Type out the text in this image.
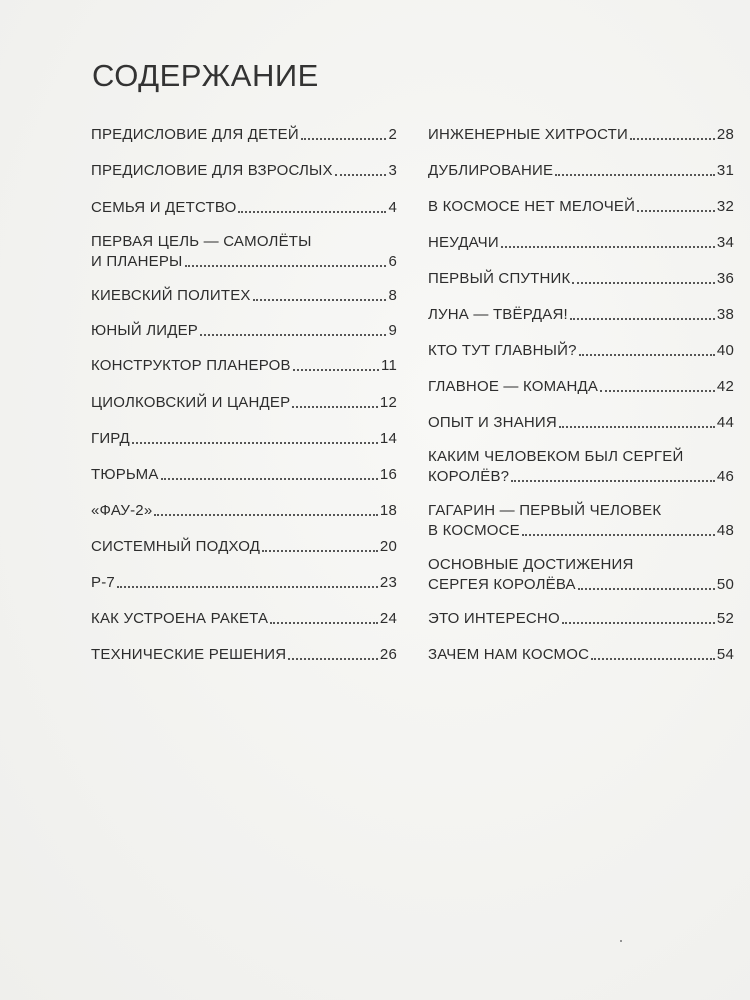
СОДЕРЖАНИЕ
ПРЕДИСЛОВИЕ ДЛЯ ДЕТЕЙ	2
ПРЕДИСЛОВИЕ ДЛЯ ВЗРОСЛЫХ	3
СЕМЬЯ И ДЕТСТВО	4
ПЕРВАЯ ЦЕЛЬ — САМОЛЁТЫ
И ПЛАНЕРЫ	6
КИЕВСКИЙ ПОЛИТЕХ	8
ЮНЫЙ ЛИДЕР	9
КОНСТРУКТОР ПЛАНЕРОВ	11
ЦИОЛКОВСКИЙ И ЦАНДЕР	12
ГИРД	14
ТЮРЬМА	16
«ФАУ-2»	18
СИСТЕМНЫЙ ПОДХОД	20
Р-7	23
КАК УСТРОЕНА РАКЕТА	24
ТЕХНИЧЕСКИЕ РЕШЕНИЯ	26
ИНЖЕНЕРНЫЕ ХИТРОСТИ	28
ДУБЛИРОВАНИЕ	31
В КОСМОСЕ НЕТ МЕЛОЧЕЙ	32
НЕУДАЧИ	34
ПЕРВЫЙ СПУТНИК	36
ЛУНА — ТВЁРДАЯ!	38
КТО ТУТ ГЛАВНЫЙ?	40
ГЛАВНОЕ — КОМАНДА	42
ОПЫТ И ЗНАНИЯ	44
КАКИМ ЧЕЛОВЕКОМ БЫЛ СЕРГЕЙ
КОРОЛЁВ?	46
ГАГАРИН — ПЕРВЫЙ ЧЕЛОВЕК
В КОСМОСЕ	48
ОСНОВНЫЕ ДОСТИЖЕНИЯ
СЕРГЕЯ КОРОЛЁВА	50
ЭТО ИНТЕРЕСНО	52
ЗАЧЕМ НАМ КОСМОС	54
